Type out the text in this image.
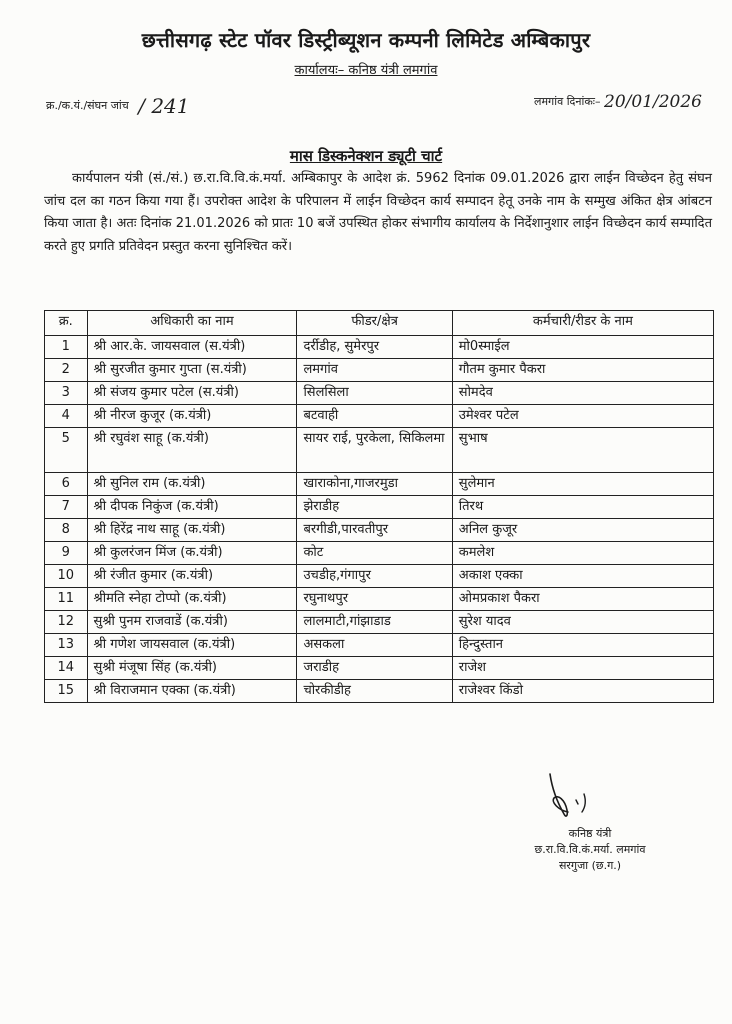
छत्तीसगढ़ स्टेट पॉवर डिस्ट्रीब्यूशन कम्पनी लिमिटेड अम्बिकापुर
कार्यालयः– कनिष्ठ यंत्री लमगांव
क्र./क.यं./संघन जांच / 241	लमगांव दिनांकः– 20/01/2026
मास डिस्कनेक्शन ड्यूटी चार्ट
कार्यपालन यंत्री (सं./सं.) छ.रा.वि.वि.कं.मर्या. अम्बिकापुर के आदेश क्रं. 5962 दिनांक 09.01.2026 द्वारा लाईन विच्छेदन हेतु संघन जांच दल का गठन किया गया हैं। उपरोक्त आदेश के परिपालन में लाईन विच्छेदन कार्य सम्पादन हेतू उनके नाम के सम्मुख अंकित क्षेत्र आंबटन किया जाता है। अतः दिनांक 21.01.2026 को प्रातः 10 बजें उपस्थित होकर संभागीय कार्यालय के निर्देशानुशार लाईन विच्छेदन कार्य सम्पादित करते हुए प्रगति प्रतिवेदन प्रस्तुत करना सुनिश्चित करें।
क्र.	अधिकारी का नाम	फीडर/क्षेत्र	कर्मचारी/रीडर के नाम
1	श्री आर.के. जायसवाल (स.यंत्री)	दर्रीडीह, सुमेरपुर	मो0स्माईल
2	श्री सुरजीत कुमार गुप्ता (स.यंत्री)	लमगांव	गौतम कुमार पैकरा
3	श्री संजय कुमार पटेल (स.यंत्री)	सिलसिला	सोमदेव
4	श्री नीरज कुजूर (क.यंत्री)	बटवाही	उमेश्वर पटेल
5	श्री रघुवंश साहू (क.यंत्री)	सायर राई, पुरकेला, सिकिलमा	सुभाष
6	श्री सुनिल राम (क.यंत्री)	खाराकोना,गाजरमुडा	सुलेमान
7	श्री दीपक निकुंज (क.यंत्री)	झेराडीह	तिरथ
8	श्री हिरेंद्र नाथ साहू (क.यंत्री)	बरगीडी,पारवतीपुर	अनिल कुजूर
9	श्री कुलरंजन मिंज (क.यंत्री)	कोट	कमलेश
10	श्री रंजीत कुमार (क.यंत्री)	उचडीह,गंगापुर	अकाश एक्का
11	श्रीमति स्नेहा टोप्पो (क.यंत्री)	रघुनाथपुर	ओमप्रकाश पैकरा
12	सुश्री पुनम राजवाडें (क.यंत्री)	लालमाटी,गांझाडाड	सुरेश यादव
13	श्री गणेश जायसवाल (क.यंत्री)	असकला	हिन्दुस्तान
14	सुश्री मंजूषा सिंह (क.यंत्री)	जराडीह	राजेश
15	श्री विराजमान एक्का (क.यंत्री)	चोरकीडीह	राजेश्वर किंडो
कनिष्ठ यंत्री
छ.रा.वि.वि.कं.मर्या. लमगांव
सरगुजा (छ.ग.)
